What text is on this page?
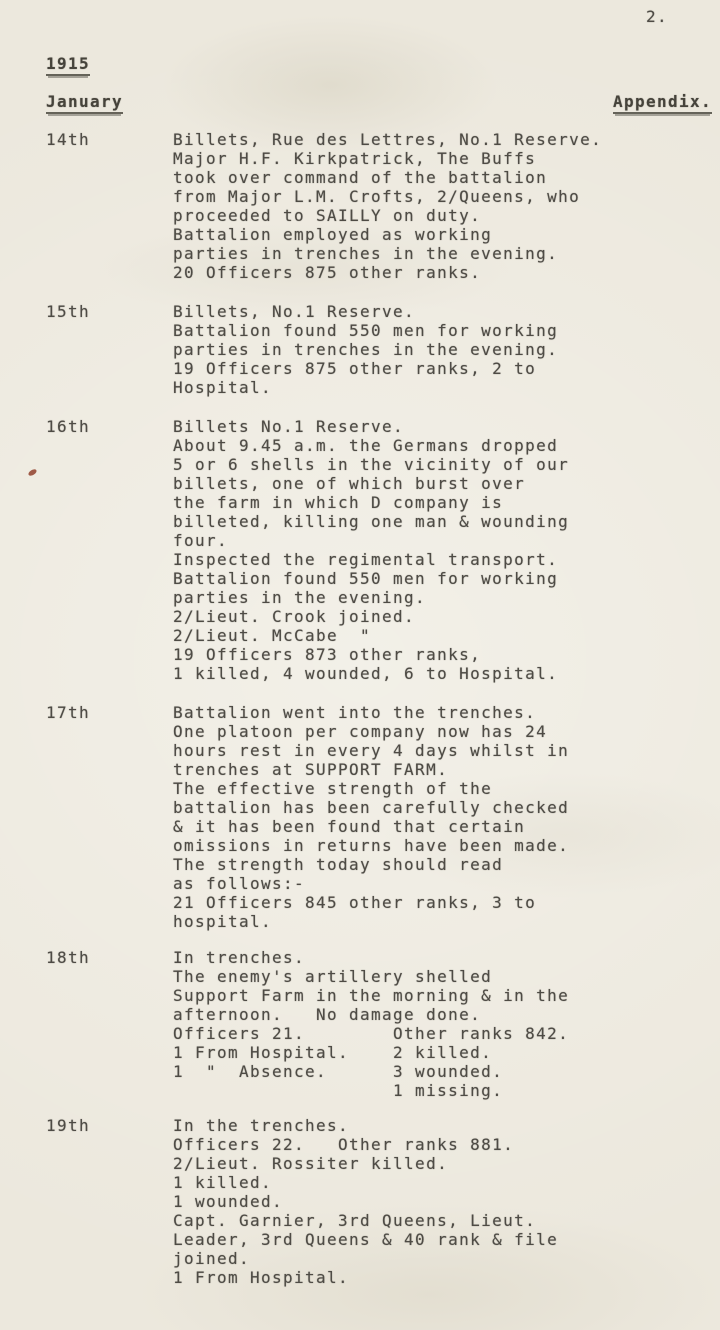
2.
1915
January	Appendix.
14th	Billets, Rue des Lettres, No.1 Reserve.
Major H.F. Kirkpatrick, The Buffs
took over command of the battalion
from Major L.M. Crofts, 2/Queens, who
proceeded to SAILLY on duty.
Battalion employed as working
parties in trenches in the evening.
20 Officers 875 other ranks.
15th	Billets, No.1 Reserve.
Battalion found 550 men for working
parties in trenches in the evening.
19 Officers 875 other ranks, 2 to
Hospital.
16th	Billets No.1 Reserve.
About 9.45 a.m. the Germans dropped
5 or 6 shells in the vicinity of our
billets, one of which burst over
the farm in which D company is
billeted, killing one man & wounding
four.
Inspected the regimental transport.
Battalion found 550 men for working
parties in the evening.
2/Lieut. Crook joined.
2/Lieut. McCabe  "
19 Officers 873 other ranks,
1 killed, 4 wounded, 6 to Hospital.
17th	Battalion went into the trenches.
One platoon per company now has 24
hours rest in every 4 days whilst in
trenches at SUPPORT FARM.
The effective strength of the
battalion has been carefully checked
& it has been found that certain
omissions in returns have been made.
The strength today should read
as follows:-
21 Officers 845 other ranks, 3 to
hospital.
18th	In trenches.
The enemy's artillery shelled
Support Farm in the morning & in the
afternoon.   No damage done.
Officers 21.        Other ranks 842.
1 From Hospital.    2 killed.
1  "  Absence.      3 wounded.
1 missing.
19th	In the trenches.
Officers 22.   Other ranks 881.
2/Lieut. Rossiter killed.
1 killed.
1 wounded.
Capt. Garnier, 3rd Queens, Lieut.
Leader, 3rd Queens & 40 rank & file
joined.
1 From Hospital.
